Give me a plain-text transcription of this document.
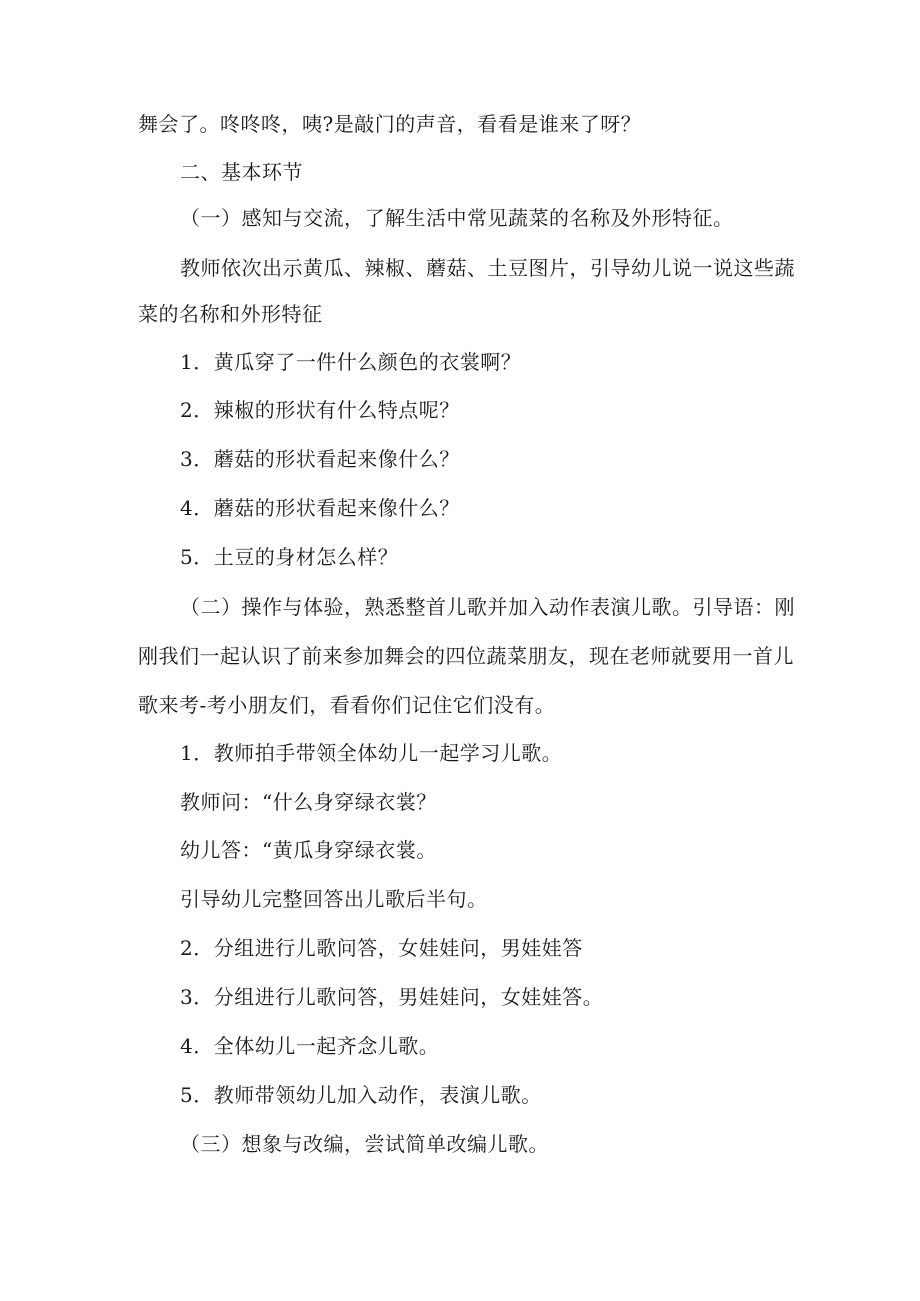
舞会了。咚咚咚，咦?是敲门的声音，看看是谁来了呀？
二、基本环节
（一）感知与交流，了解生活中常见蔬菜的名称及外形特征。
教师依次出示黄瓜、辣椒、蘑菇、土豆图片，引导幼儿说一说这些蔬
菜的名称和外形特征
1．黄瓜穿了一件什么颜色的衣裳啊？
2．辣椒的形状有什么特点呢？
3．蘑菇的形状看起来像什么？
4．蘑菇的形状看起来像什么？
5．土豆的身材怎么样？
（二）操作与体验，熟悉整首儿歌并加入动作表演儿歌。引导语：刚
刚我们一起认识了前来参加舞会的四位蔬菜朋友，现在老师就要用一首儿
歌来考-考小朋友们，看看你们记住它们没有。
1．教师拍手带领全体幼儿一起学习儿歌。
教师问：“什么身穿绿衣裳？
幼儿答：“黄瓜身穿绿衣裳。
引导幼儿完整回答出儿歌后半句。
2．分组进行儿歌问答，女娃娃问，男娃娃答
3．分组进行儿歌问答，男娃娃问，女娃娃答。
4．全体幼儿一起齐念儿歌。
5．教师带领幼儿加入动作，表演儿歌。
（三）想象与改编，尝试简单改编儿歌。
